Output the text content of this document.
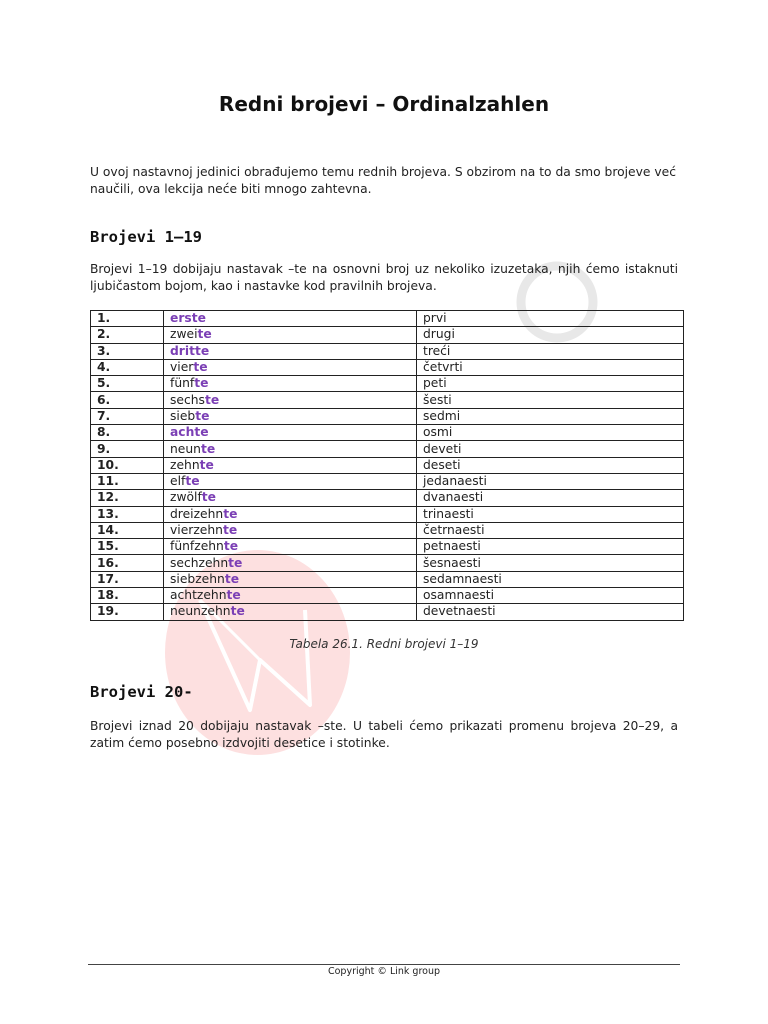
Redni brojevi – Ordinalzahlen

U ovoj nastavnoj jedinici obrađujemo temu rednih brojeva. S obzirom na to da smo brojeve već naučili, ova lekcija neće biti mnogo zahtevna.

Brojevi 1–19

Brojevi 1–19 dobijaju nastavak –te na osnovni broj uz nekoliko izuzetaka, njih ćemo istaknuti ljubičastom bojom, kao i nastavke kod pravilnih brojeva.

1.	erste	prvi
2.	zweite	drugi
3.	dritte	treći
4.	vierte	četvrti
5.	fünfte	peti
6.	sechste	šesti
7.	siebte	sedmi
8.	achte	osmi
9.	neunte	deveti
10.	zehnte	deseti
11.	elfte	jedanaesti
12.	zwölfte	dvanaesti
13.	dreizehnte	trinaesti
14.	vierzehnte	četrnaesti
15.	fünfzehnte	petnaesti
16.	sechzehnte	šesnaesti
17.	siebzehnte	sedamnaesti
18.	achtzehnte	osamnaesti
19.	neunzehnte	devetnaesti
Tabela 26.1. Redni brojevi 1–19
Brojevi 20-

Brojevi iznad 20 dobijaju nastavak –ste. U tabeli ćemo prikazati promenu brojeva 20–29, a zatim ćemo posebno izdvojiti desetice i stotinke.

Copyright © Link group
